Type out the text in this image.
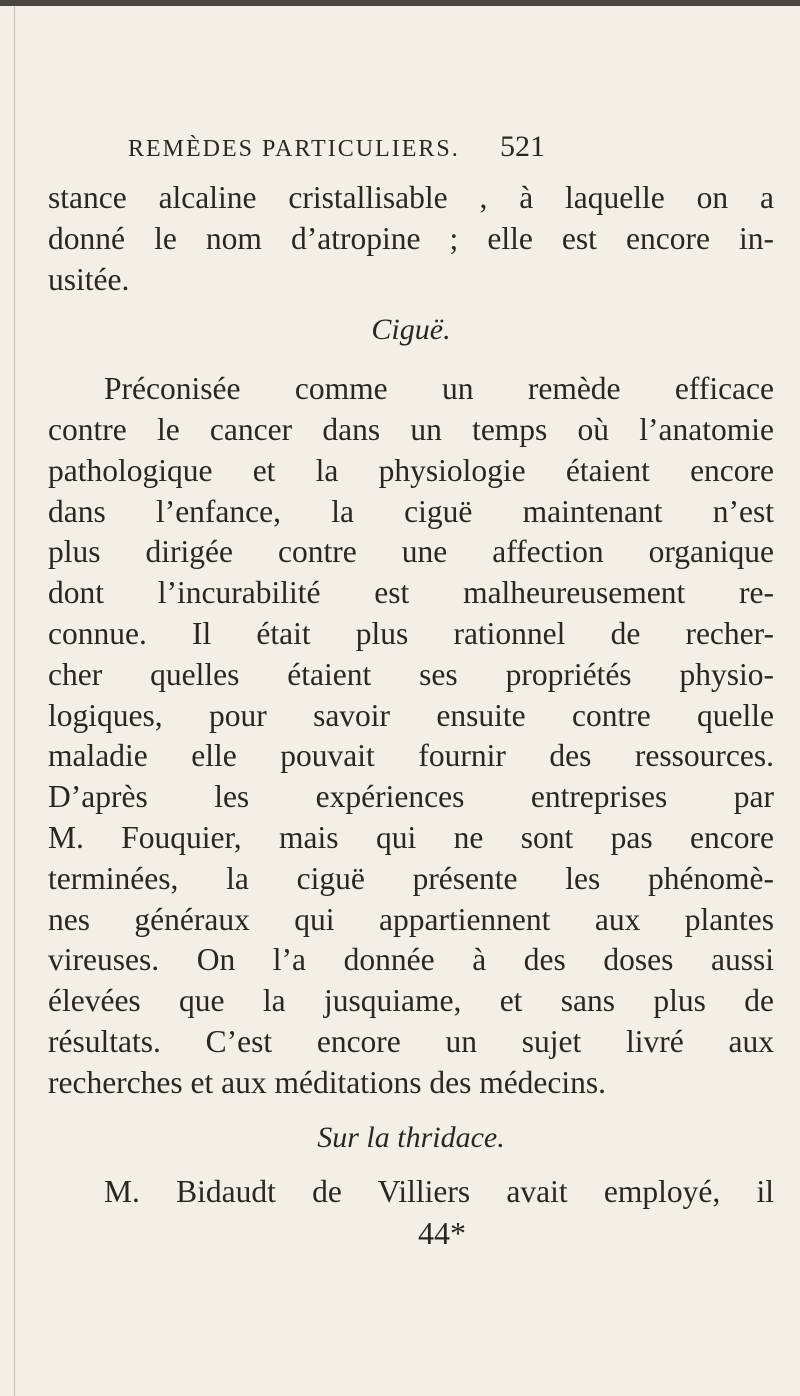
REMÈDES PARTICULIERS. 521
stance alcaline cristallisable , à laquelle on a
donné le nom d’atropine ; elle est encore in-
usitée.
Ciguë.
Préconisée comme un remède efficace
contre le cancer dans un temps où l’anatomie
pathologique et la physiologie étaient encore
dans l’enfance, la ciguë maintenant n’est
plus dirigée contre une affection organique
dont l’incurabilité est malheureusement re-
connue. Il était plus rationnel de recher-
cher quelles étaient ses propriétés physio-
logiques, pour savoir ensuite contre quelle
maladie elle pouvait fournir des ressources.
D’après les expériences entreprises par
M. Fouquier, mais qui ne sont pas encore
terminées, la ciguë présente les phénomè-
nes généraux qui appartiennent aux plantes
vireuses. On l’a donnée à des doses aussi
élevées que la jusquiame, et sans plus de
résultats. C’est encore un sujet livré aux
recherches et aux méditations des médecins.
Sur la thridace.
M. Bidaudt de Villiers avait employé, il
44*
